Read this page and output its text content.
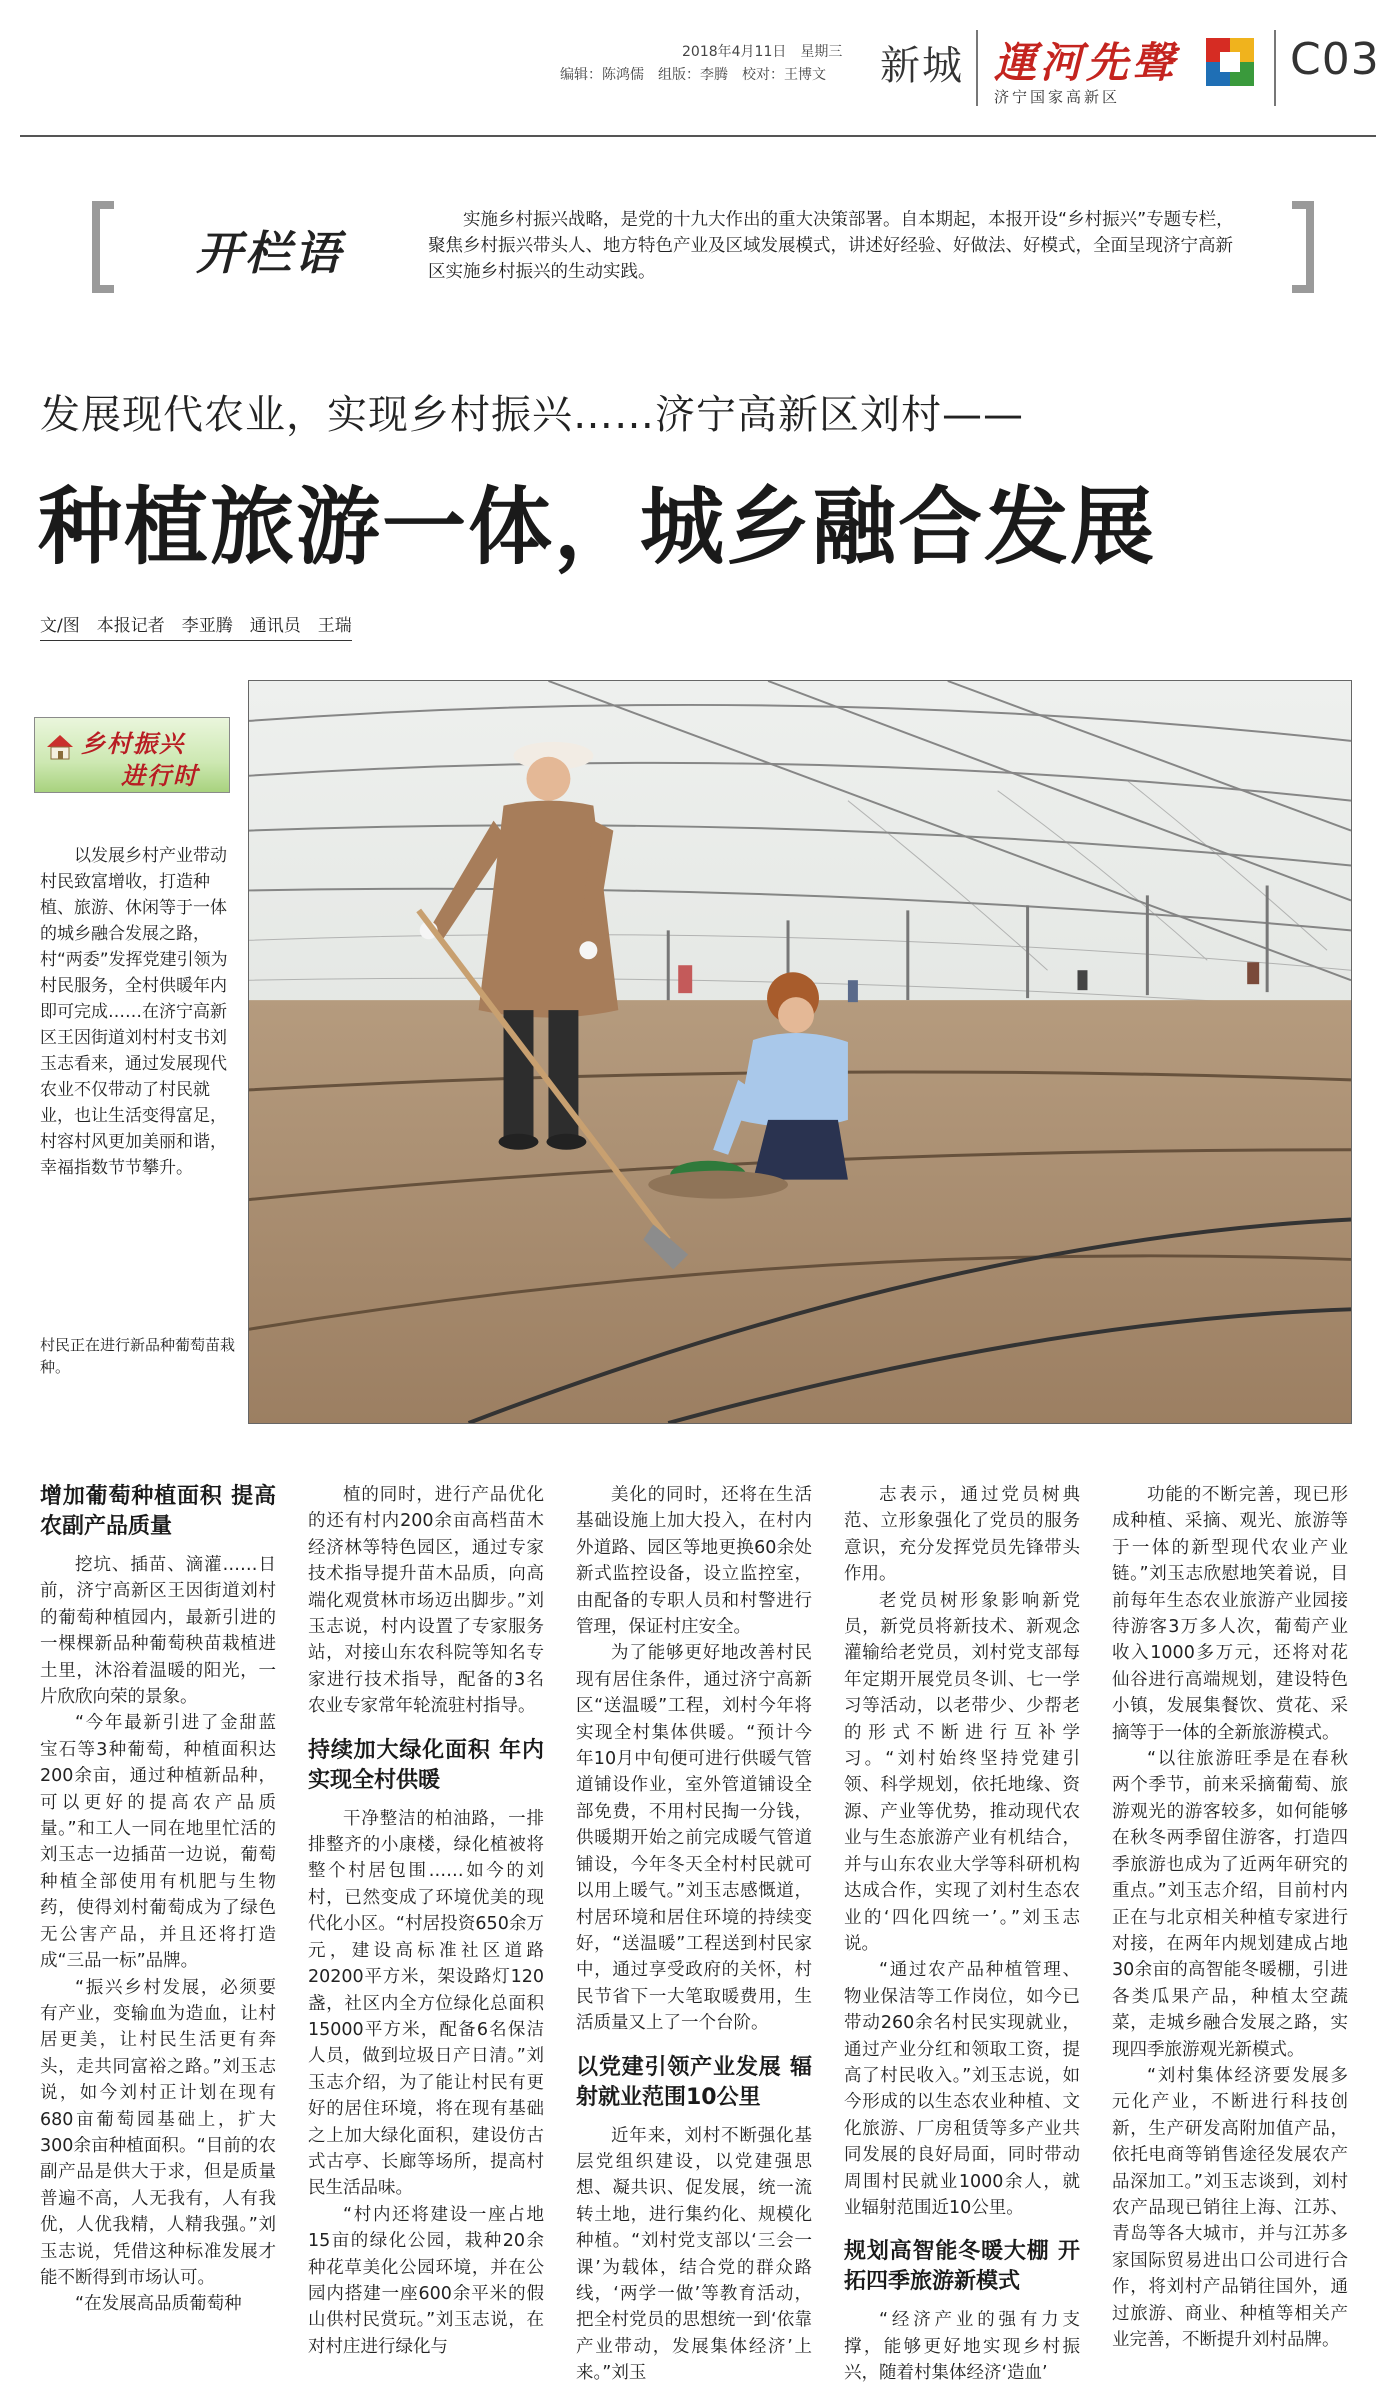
2018年4月11日　星期三
编辑：陈鸿儒　组版：李腾　校对：王博文 新城 運河先聲
济宁国家高新区
C03
开栏语
实施乡村振兴战略，是党的十九大作出的重大决策部署。自本期起，本报开设“乡村振兴”专题专栏，聚焦乡村振兴带头人、地方特色产业及区域发展模式，讲述好经验、好做法、好模式，全面呈现济宁高新区实施乡村振兴的生动实践。
发展现代农业，实现乡村振兴……济宁高新区刘村——
种植旅游一体，城乡融合发展
文/图　本报记者　李亚腾　通讯员　王瑞
乡村振兴
进行时
以发展乡村产业带动村民致富增收，打造种植、旅游、休闲等于一体的城乡融合发展之路，村“两委”发挥党建引领为村民服务，全村供暖年内即可完成……在济宁高新区王因街道刘村村支书刘玉志看来，通过发展现代农业不仅带动了村民就业，也让生活变得富足，村容村风更加美丽和谐，幸福指数节节攀升。
村民正在进行新品种葡萄苗栽种。
增加葡萄种植面积 提高农副产品质量

挖坑、插苗、滴灌……日前，济宁高新区王因街道刘村的葡萄种植园内，最新引进的一棵棵新品种葡萄秧苗栽植进土里，沐浴着温暖的阳光，一片欣欣向荣的景象。

“今年最新引进了金甜蓝宝石等3种葡萄，种植面积达200余亩，通过种植新品种，可以更好的提高农产品质量。”和工人一同在地里忙活的刘玉志一边插苗一边说，葡萄种植全部使用有机肥与生物药，使得刘村葡萄成为了绿色无公害产品，并且还将打造成“三品一标”品牌。

“振兴乡村发展，必须要有产业，变输血为造血，让村居更美，让村民生活更有奔头，走共同富裕之路。”刘玉志说，如今刘村正计划在现有680亩葡萄园基础上，扩大300余亩种植面积。“目前的农副产品是供大于求，但是质量普遍不高，人无我有，人有我优，人优我精，人精我强。”刘玉志说，凭借这种标准发展才能不断得到市场认可。

“在发展高品质葡萄种

植的同时，进行产品优化的还有村内200余亩高档苗木经济林等特色园区，通过专家技术指导提升苗木品质，向高端化观赏林市场迈出脚步。”刘玉志说，村内设置了专家服务站，对接山东农科院等知名专家进行技术指导，配备的3名农业专家常年轮流驻村指导。

持续加大绿化面积 年内实现全村供暖

干净整洁的柏油路，一排排整齐的小康楼，绿化植被将整个村居包围……如今的刘村，已然变成了环境优美的现代化小区。“村居投资650余万元，建设高标准社区道路20200平方米，架设路灯120盏，社区内全方位绿化总面积15000平方米，配备6名保洁人员，做到垃圾日产日清。”刘玉志介绍，为了能让村民有更好的居住环境，将在现有基础之上加大绿化面积，建设仿古式古亭、长廊等场所，提高村民生活品味。

“村内还将建设一座占地15亩的绿化公园，栽种20余种花草美化公园环境，并在公园内搭建一座600余平米的假山供村民赏玩。”刘玉志说，在对村庄进行绿化与

美化的同时，还将在生活基础设施上加大投入，在村内外道路、园区等地更换60余处新式监控设备，设立监控室，由配备的专职人员和村警进行管理，保证村庄安全。

为了能够更好地改善村民现有居住条件，通过济宁高新区“送温暖”工程，刘村今年将实现全村集体供暖。“预计今年10月中旬便可进行供暖气管道铺设作业，室外管道铺设全部免费，不用村民掏一分钱，供暖期开始之前完成暖气管道铺设，今年冬天全村村民就可以用上暖气。”刘玉志感慨道，村居环境和居住环境的持续变好，“送温暖”工程送到村民家中，通过享受政府的关怀，村民节省下一大笔取暖费用，生活质量又上了一个台阶。

以党建引领产业发展 辐射就业范围10公里

近年来，刘村不断强化基层党组织建设，以党建强思想、凝共识、促发展，统一流转土地，进行集约化、规模化种植。“刘村党支部以‘三会一课’为载体，结合党的群众路线，‘两学一做’等教育活动，把全村党员的思想统一到‘依靠产业带动，发展集体经济’上来。”刘玉

志表示，通过党员树典范、立形象强化了党员的服务意识，充分发挥党员先锋带头作用。

老党员树形象影响新党员，新党员将新技术、新观念灌输给老党员，刘村党支部每年定期开展党员冬训、七一学习等活动，以老带少、少帮老的形式不断进行互补学习。“刘村始终坚持党建引领、科学规划，依托地缘、资源、产业等优势，推动现代农业与生态旅游产业有机结合，并与山东农业大学等科研机构达成合作，实现了刘村生态农业的‘四化四统一’。”刘玉志说。

“通过农产品种植管理、物业保洁等工作岗位，如今已带动260余名村民实现就业，通过产业分红和领取工资，提高了村民收入。”刘玉志说，如今形成的以生态农业种植、文化旅游、厂房租赁等多产业共同发展的良好局面，同时带动周围村民就业1000余人，就业辐射范围近10公里。

规划高智能冬暖大棚 开拓四季旅游新模式

“经济产业的强有力支撑，能够更好地实现乡村振兴，随着村集体经济‘造血’

功能的不断完善，现已形成种植、采摘、观光、旅游等于一体的新型现代农业产业链。”刘玉志欣慰地笑着说，目前每年生态农业旅游产业园接待游客3万多人次，葡萄产业收入1000多万元，还将对花仙谷进行高端规划，建设特色小镇，发展集餐饮、赏花、采摘等于一体的全新旅游模式。

“以往旅游旺季是在春秋两个季节，前来采摘葡萄、旅游观光的游客较多，如何能够在秋冬两季留住游客，打造四季旅游也成为了近两年研究的重点。”刘玉志介绍，目前村内正在与北京相关种植专家进行对接，在两年内规划建成占地30余亩的高智能冬暖棚，引进各类瓜果产品，种植太空蔬菜，走城乡融合发展之路，实现四季旅游观光新模式。

“刘村集体经济要发展多元化产业，不断进行科技创新，生产研发高附加值产品，依托电商等销售途径发展农产品深加工。”刘玉志谈到，刘村农产品现已销往上海、江苏、青岛等各大城市，并与江苏多家国际贸易进出口公司进行合作，将刘村产品销往国外，通过旅游、商业、种植等相关产业完善，不断提升刘村品牌。
